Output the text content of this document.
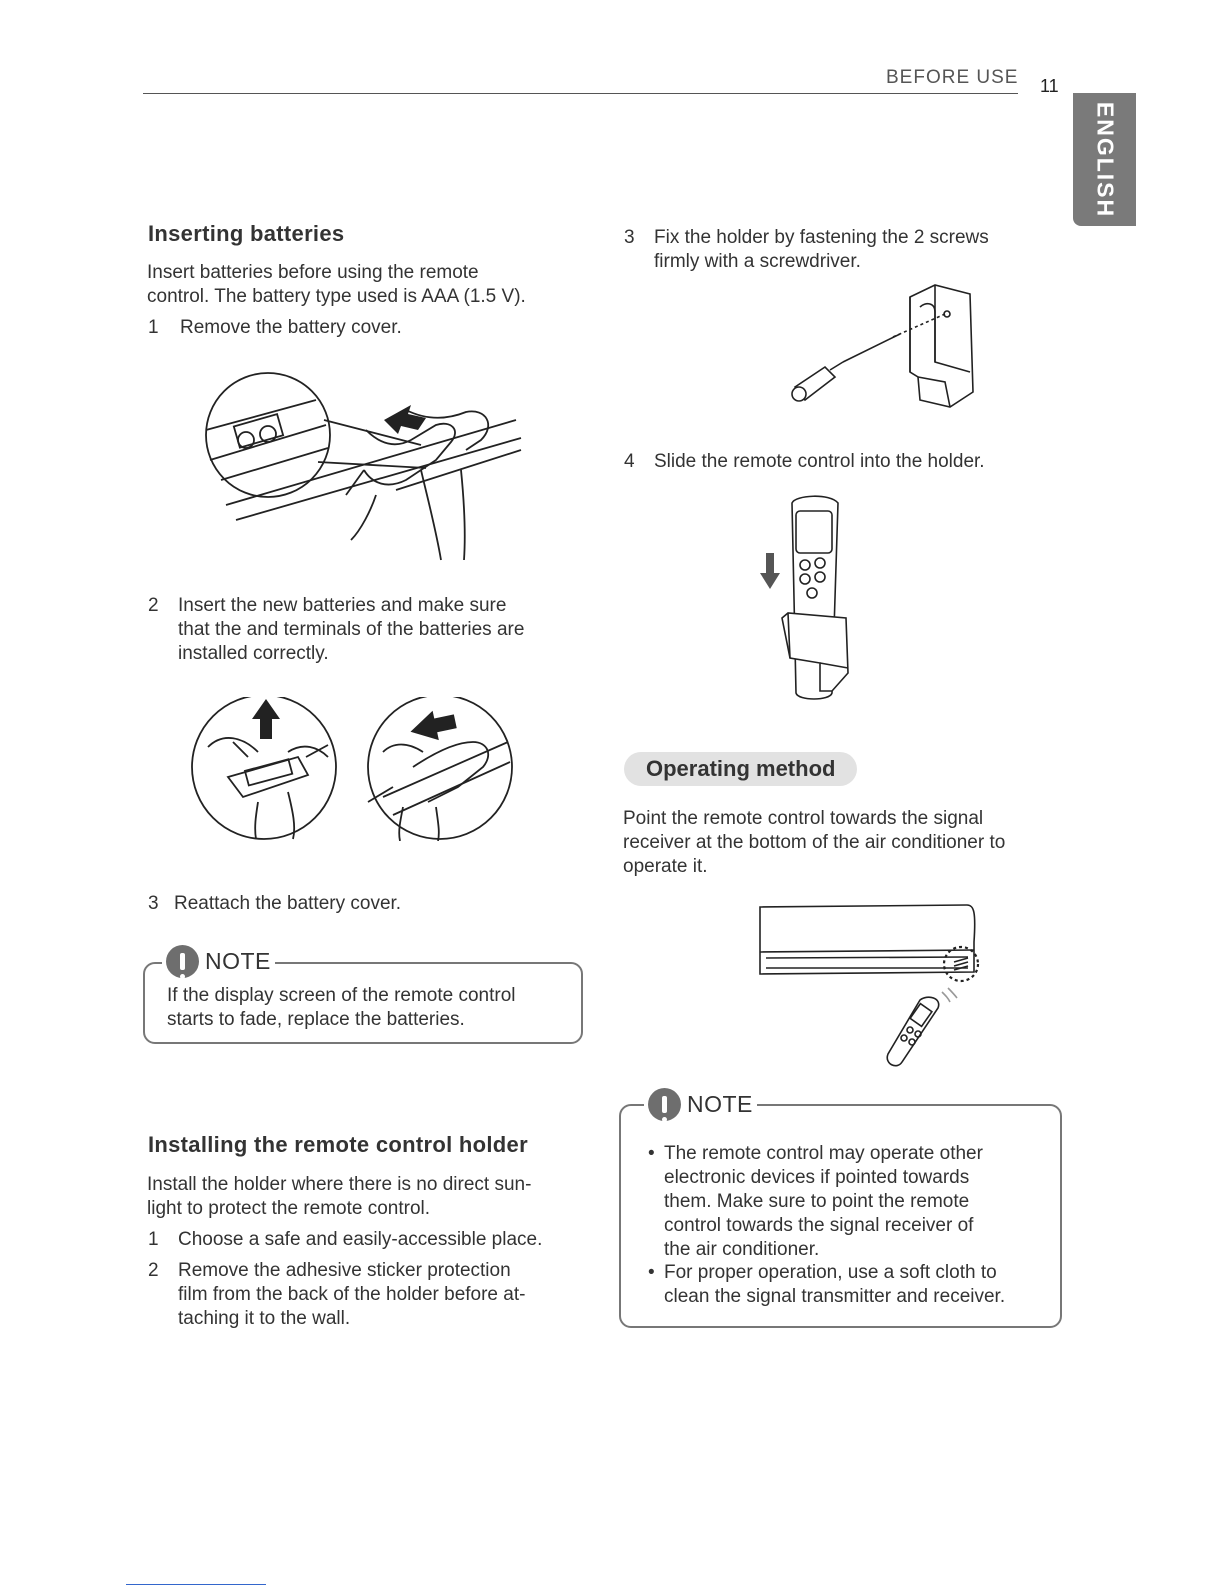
BEFORE USE 11
ENGLISH
Inserting batteries
Insert batteries before using the remote
control. The battery type used is AAA (1.5 V).
1 Remove the battery cover.
2 Insert the new batteries and make sure
that the and terminals of the batteries are
installed correctly.
3 Reattach the battery cover.
NOTE
If the display screen of the remote control
starts to fade, replace the batteries.
Installing the remote control holder
Install the holder where there is no direct sun-
light to protect the remote control.
1 Choose a safe and easily-accessible place.
2 Remove the adhesive sticker protection
film from the back of the holder before at-
taching it to the wall.
3 Fix the holder by fastening the 2 screws
firmly with a screwdriver.
4 Slide the remote control into the holder.
Operating method
Point the remote control towards the signal
receiver at the bottom of the air conditioner to
operate it.
NOTE
• The remote control may operate other
electronic devices if pointed towards
them. Make sure to point the remote
control towards the signal receiver of
the air conditioner.
• For proper operation, use a soft cloth to
clean the signal transmitter and receiver.
